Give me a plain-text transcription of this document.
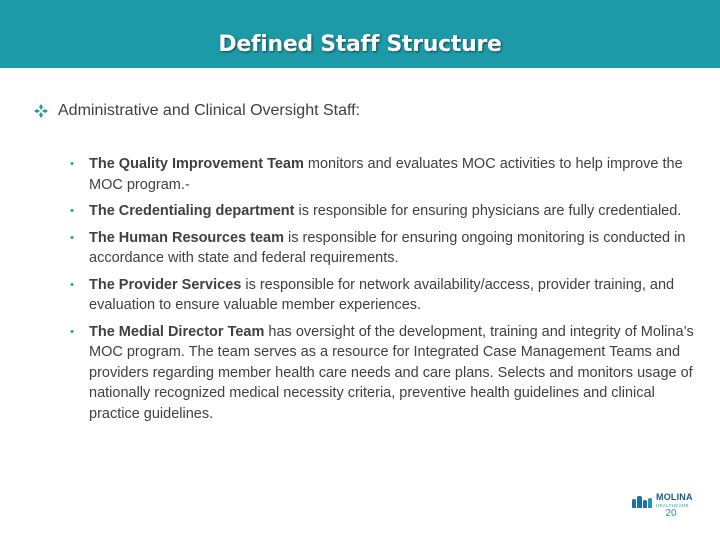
Defined Staff Structure
Administrative and Clinical Oversight Staff:
• The Quality Improvement Team monitors and evaluates MOC activities to help improve the MOC program.-
• The Credentialing department is responsible for ensuring physicians are fully credentialed.
• The Human Resources team is responsible for ensuring ongoing monitoring is conducted in accordance with state and federal requirements.
• The Provider Services is responsible for network availability/access, provider training, and evaluation to ensure valuable member experiences.
• The Medial Director Team has oversight of the development, training and integrity of Molina’s MOC program. The team serves as a resource for Integrated Case Management Teams and providers regarding member health care needs and care plans. Selects and monitors usage of nationally recognized medical necessity criteria, preventive health guidelines and clinical practice guidelines.
MOLINA
HEALTHCARE
20
